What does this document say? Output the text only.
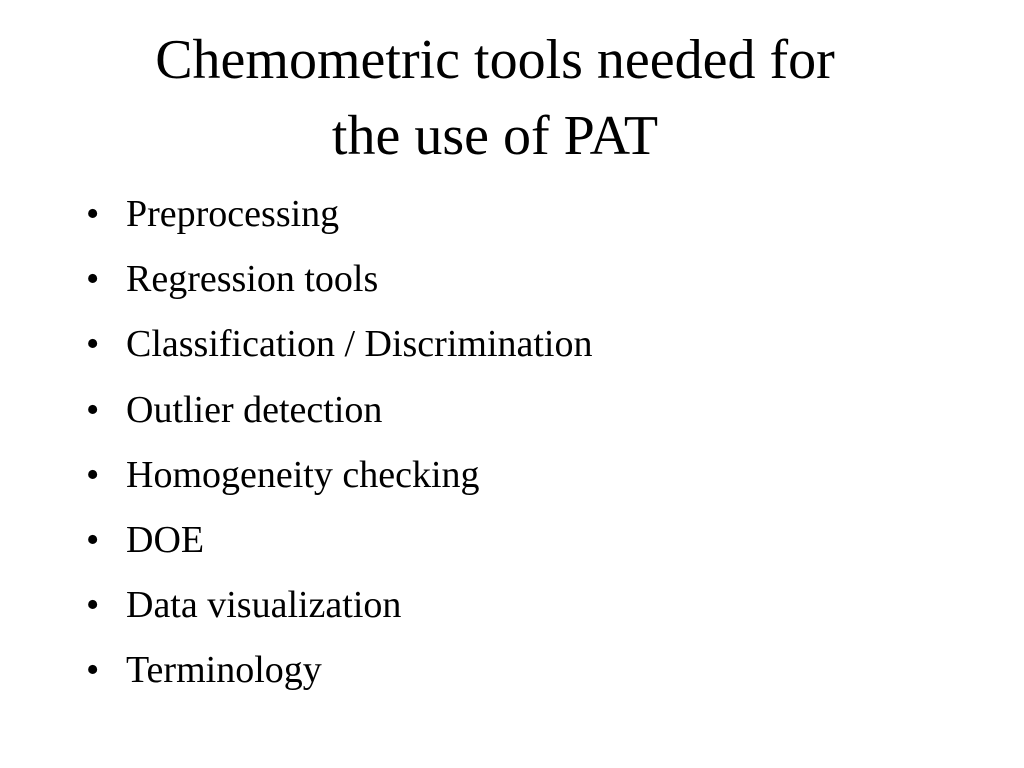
Chemometric tools needed for
the use of PAT
• Preprocessing
• Regression tools
• Classification / Discrimination
• Outlier detection
• Homogeneity checking
• DOE
• Data visualization
• Terminology
